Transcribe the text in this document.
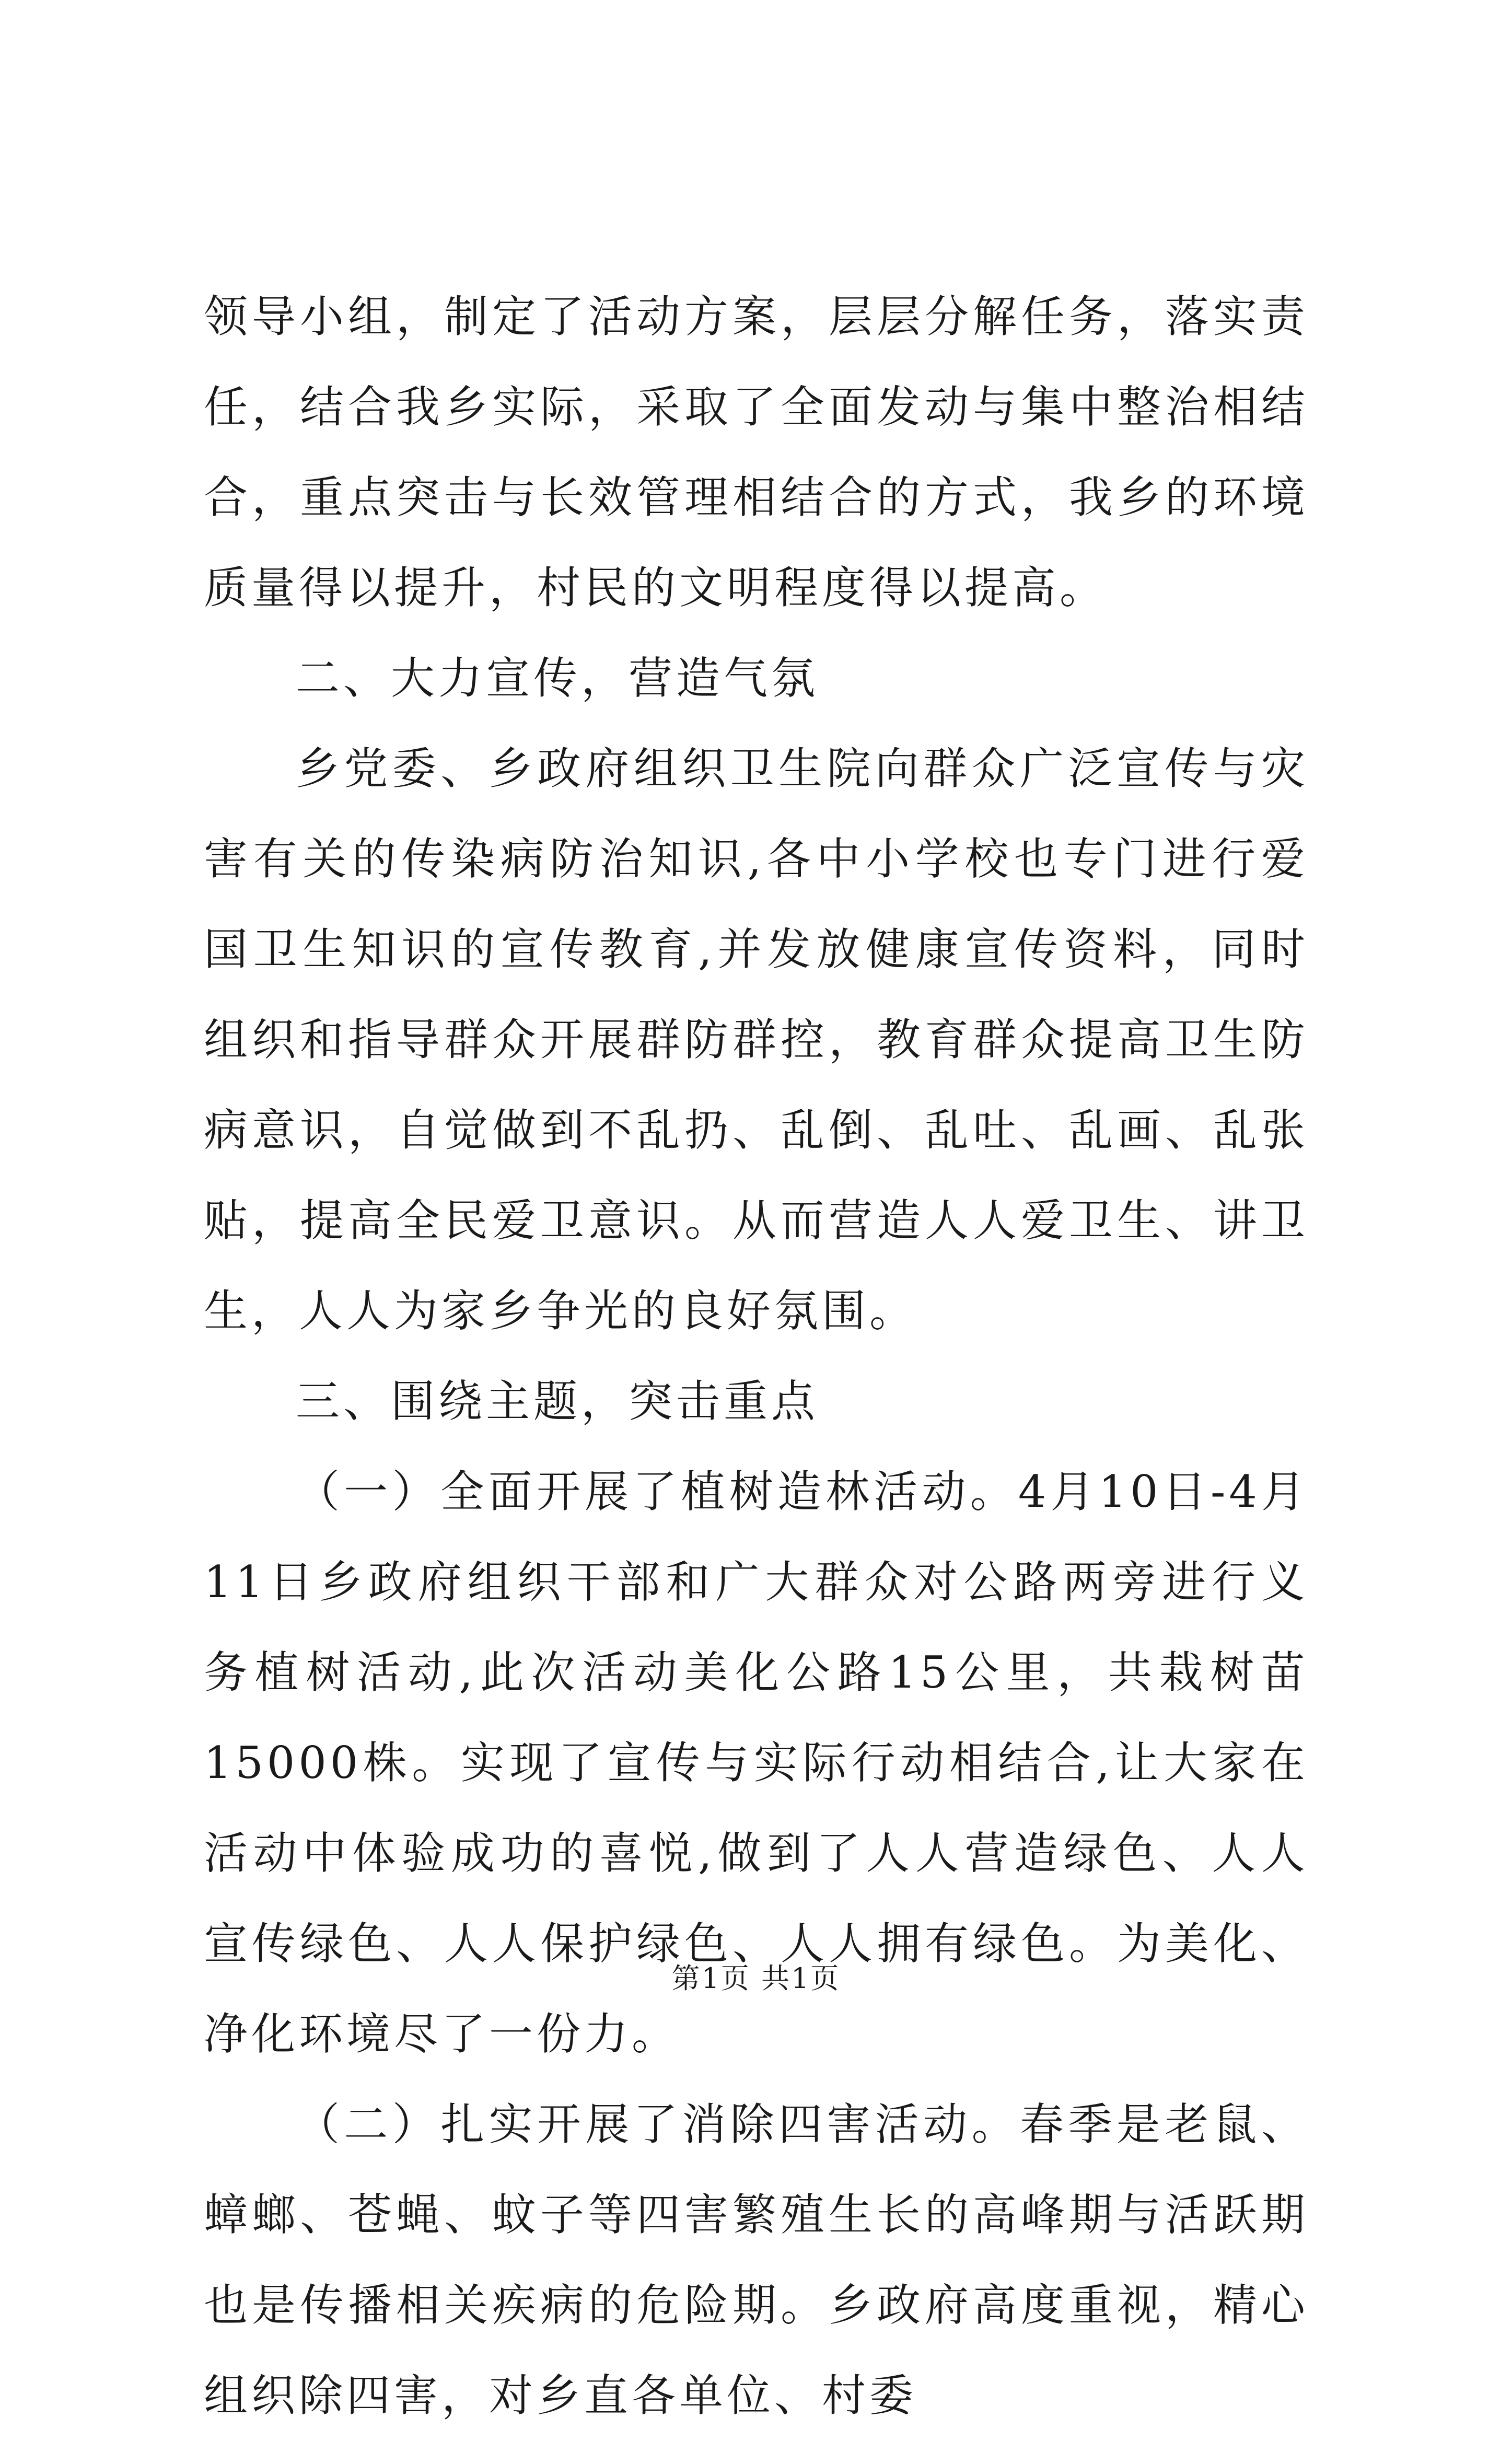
领导小组，制定了活动方案，层层分解任务，落实责任，结合我乡实际，采取了全面发动与集中整治相结合，重点突击与长效管理相结合的方式，我乡的环境质量得以提升，村民的文明程度得以提高。

二、大力宣传，营造气氛

乡党委、乡政府组织卫生院向群众广泛宣传与灾害有关的传染病防治知识,各中小学校也专门进行爱国卫生知识的宣传教育,并发放健康宣传资料，同时组织和指导群众开展群防群控，教育群众提高卫生防病意识，自觉做到不乱扔、乱倒、乱吐、乱画、乱张贴，提高全民爱卫意识。从而营造人人爱卫生、讲卫生，人人为家乡争光的良好氛围。

三、围绕主题，突击重点

（一）全面开展了植树造林活动。4月10日-4月11日乡政府组织干部和广大群众对公路两旁进行义务植树活动,此次活动美化公路15公里，共栽树苗15000株。实现了宣传与实际行动相结合,让大家在活动中体验成功的喜悦,做到了人人营造绿色、人人宣传绿色、人人保护绿色、人人拥有绿色。为美化、净化环境尽了一份力。

（二）扎实开展了消除四害活动。春季是老鼠、蟑螂、苍蝇、蚊子等四害繁殖生长的高峰期与活跃期也是传播相关疾病的危险期。乡政府高度重视，精心组织除四害，对乡直各单位、村委

第1页 共1页
